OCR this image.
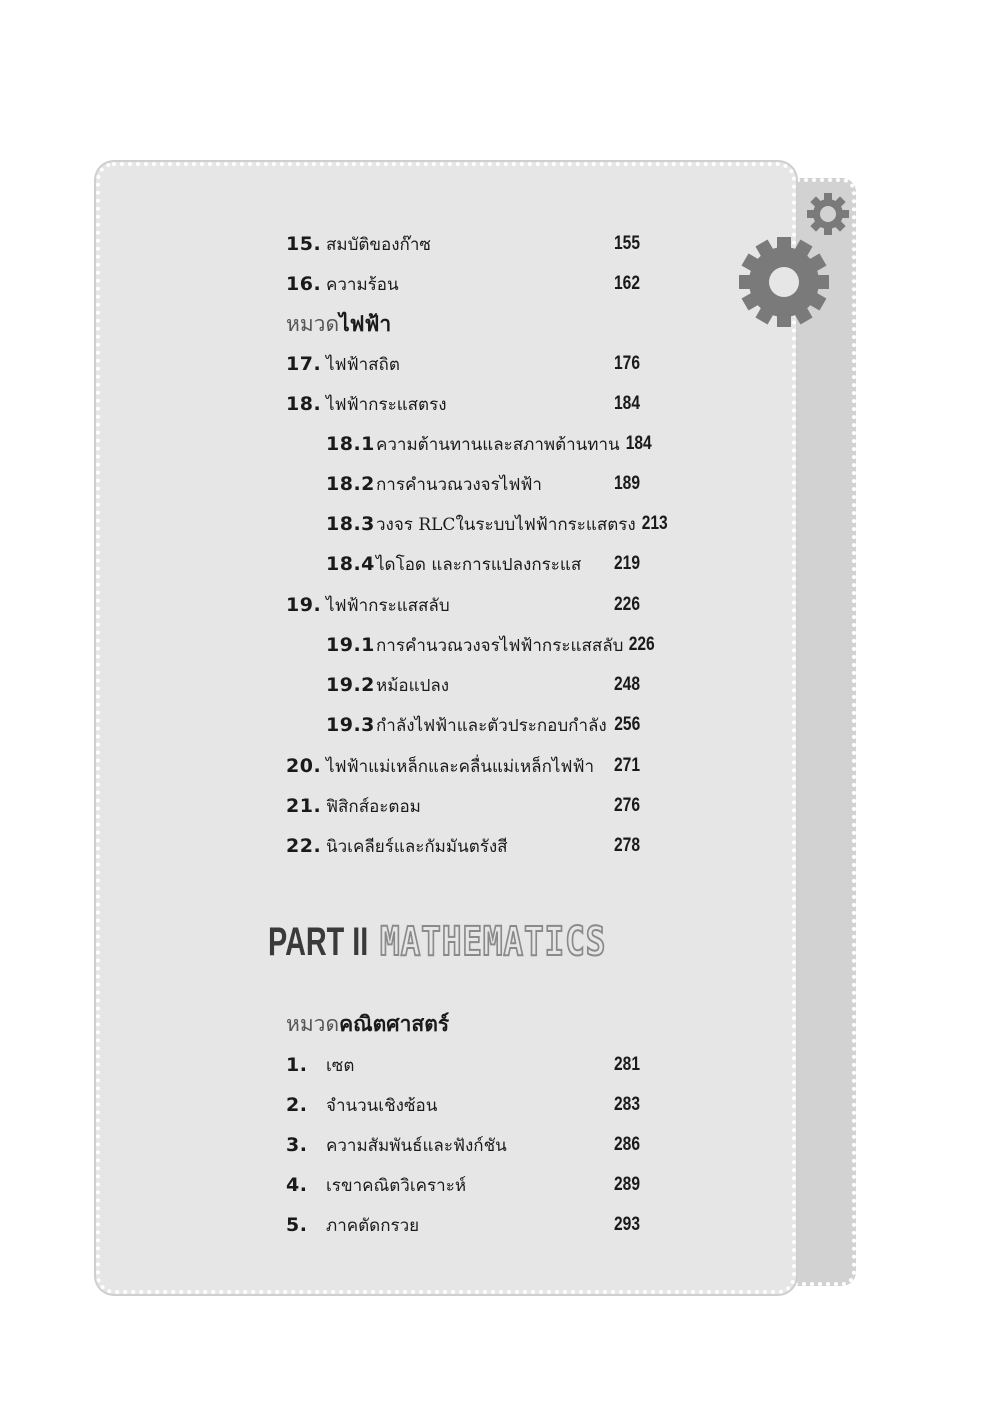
15. สมบัติของก๊าซ	155
16. ความร้อน	162
หมวด ไฟฟ้า
17. ไฟฟ้าสถิต	176
18. ไฟฟ้ากระแสตรง	184
18.1 ความต้านทานและสภาพต้านทาน 184
18.2 การคำนวณวงจรไฟฟ้า	189
18.3 วงจร RLCในระบบไฟฟ้ากระแสตรง 213
18.4 ไดโอด และการแปลงกระแส	219
19. ไฟฟ้ากระแสสลับ	226
19.1 การคำนวณวงจรไฟฟ้ากระแสสลับ 226
19.2 หม้อแปลง	248
19.3 กำลังไฟฟ้าและตัวประกอบกำลัง 256
20. ไฟฟ้าแม่เหล็กและคลื่นแม่เหล็กไฟฟ้า	271
21. ฟิสิกส์อะตอม	276
22. นิวเคลียร์และกัมมันตรังสี	278
PART II MATHEMATICS
หมวด คณิตศาสตร์
1.	เซต	281
2.	จำนวนเชิงซ้อน	283
3.	ความสัมพันธ์และฟังก์ชัน	286
4.	เรขาคณิตวิเคราะห์	289
5.	ภาคตัดกรวย	293
